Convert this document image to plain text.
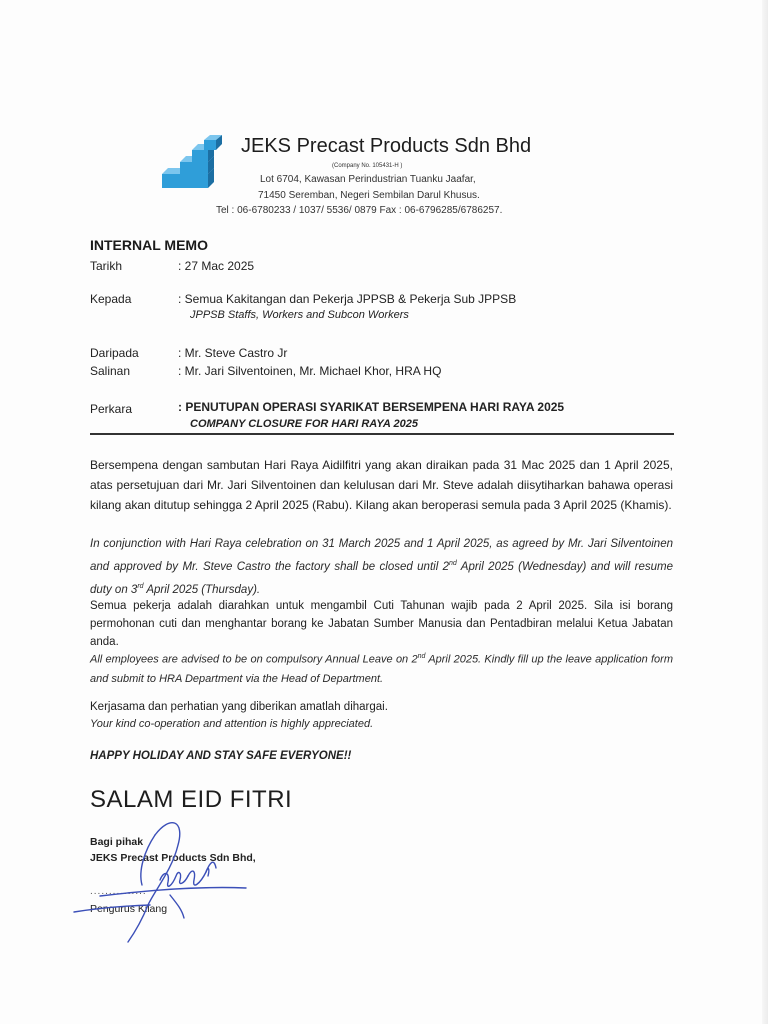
JEKS Precast Products Sdn Bhd
(Company No. 105431-H )
Lot 6704, Kawasan Perindustrian Tuanku Jaafar,
71450 Seremban, Negeri Sembilan Darul Khusus.
Tel : 06-6780233 / 1037/ 5536/ 0879 Fax : 06-6796285/6786257.
INTERNAL MEMO
Tarikh	: 27 Mac 2025
Kepada	: Semua Kakitangan dan Pekerja JPPSB & Pekerja Sub JPPSB
JPPSB Staffs, Workers and Subcon Workers
Daripada	: Mr. Steve Castro Jr
Salinan	: Mr. Jari Silventoinen, Mr. Michael Khor, HRA HQ
Perkara	: PENUTUPAN OPERASI SYARIKAT BERSEMPENA HARI RAYA 2025
COMPANY CLOSURE FOR HARI RAYA 2025

Bersempena dengan sambutan Hari Raya Aidilfitri yang akan diraikan pada 31 Mac 2025 dan 1 April 2025, atas persetujuan dari Mr. Jari Silventoinen dan kelulusan dari Mr. Steve adalah diisytiharkan bahawa operasi kilang akan ditutup sehingga 2 April 2025 (Rabu). Kilang akan beroperasi semula pada 3 April 2025 (Khamis).

In conjunction with Hari Raya celebration on 31 March 2025 and 1 April 2025, as agreed by Mr. Jari Silventoinen and approved by Mr. Steve Castro the factory shall be closed until 2nd April 2025 (Wednesday) and will resume duty on 3rd April 2025 (Thursday).

Semua pekerja adalah diarahkan untuk mengambil Cuti Tahunan wajib pada 2 April 2025. Sila isi borang permohonan cuti dan menghantar borang ke Jabatan Sumber Manusia dan Pentadbiran melalui Ketua Jabatan anda.

All employees are advised to be on compulsory Annual Leave on 2nd April 2025. Kindly fill up the leave application form and submit to HRA Department via the Head of Department.

Kerjasama dan perhatian yang diberikan amatlah dihargai.

Your kind co-operation and attention is highly appreciated.

HAPPY HOLIDAY AND STAY SAFE EVERYONE!!
SALAM EID FITRI
Bagi pihak
JEKS Precast Products Sdn Bhd,
...............
Pengurus Kilang
